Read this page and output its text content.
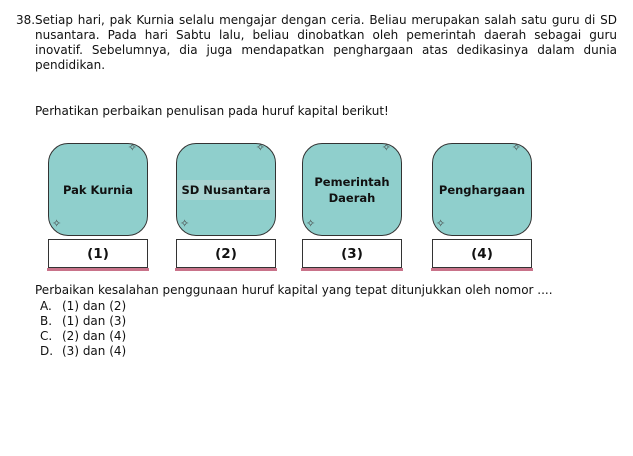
38. Setiap hari, pak Kurnia selalu mengajar dengan ceria. Beliau merupakan salah satu guru di SD nusantara. Pada hari Sabtu lalu, beliau dinobatkan oleh pemerintah daerah sebagai guru inovatif. Sebelumnya, dia juga mendapatkan penghargaan atas dedikasinya dalam dunia pendidikan.

Perhatikan perbaikan penulisan pada huruf kapital berikut!
✧
Pak Kurnia
✧
(1)
✧
SD Nusantara
✧
(2)
✧
Pemerintah
Daerah
✧
(3)
✧
Penghargaan
✧
(4)
Perbaikan kesalahan penggunaan huruf kapital yang tepat ditunjukkan oleh nomor ....
A. (1) dan (2)
B. (1) dan (3)
C. (2) dan (4)
D. (3) dan (4)
